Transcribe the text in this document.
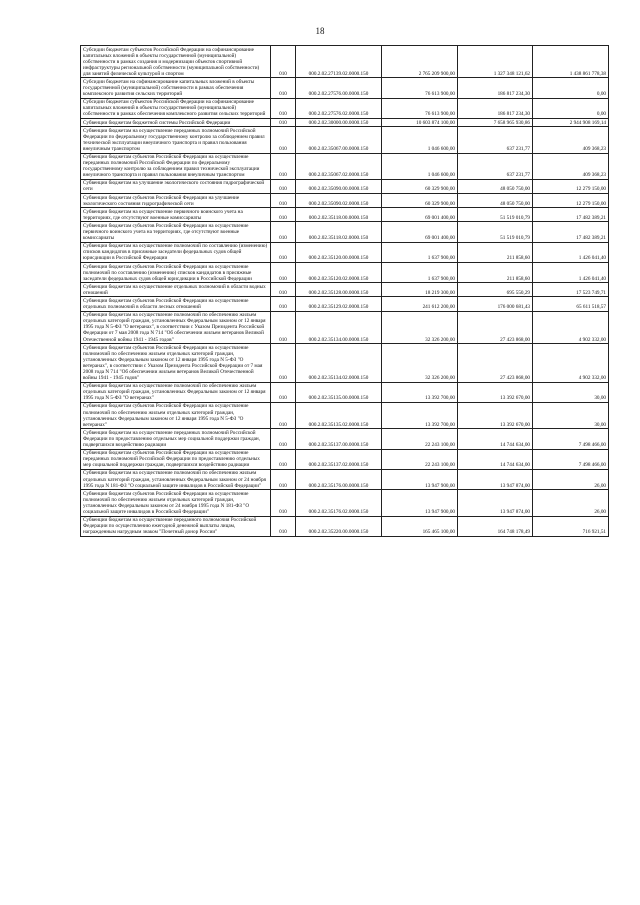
18
Субсидии бюджетам субъектов Российской Федерации на софинансирование капитальных вложений в объекты государственной (муниципальной) собственности в рамках создания и модернизации объектов спортивной инфраструктуры региональной собственности (муниципальной собственности) для занятий физической культурой и спортом	010	000.2.02.27139.02.0000.150	2 765 209 900,00	1 327 348 121,62	1 438 861 778,38
Субсидии бюджетам на софинансирование капитальных вложений в объекты государственной (муниципальной) собственности в рамках обеспечения комплексного развития сельских территорий	010	000.2.02.27576.00.0000.150	76 613 900,00	186 817 234,30	0,00
Субсидии бюджетам субъектов Российской Федерации на софинансирование капитальных вложений в объекты государственной (муниципальной) собственности в рамках обеспечения комплексного развития сельских территорий	010	000.2.02.27576.02.0000.150	76 613 900,00	186 817 234,30	0,00
Субвенции бюджетам бюджетной системы Российской Федерации	010	000.2.02.30000.00.0000.150	10 603 874 100,00	7 658 965 930,86	2 944 908 169,14
Субвенции бюджетам на осуществление переданных полномочий Российской Федерации по федеральному государственному контролю за соблюдением правил технической эксплуатации внеуличного транспорта и правил пользования внеуличным транспортом	010	000.2.02.35067.00.0000.150	1 046 600,00	637 231,77	409 368,23
Субвенции бюджетам субъектов Российской Федерации на осуществление переданных полномочий Российской Федерации по федеральному государственному контролю за соблюдением правил технической эксплуатации внеуличного транспорта и правил пользования внеуличным транспортом	010	000.2.02.35067.02.0000.150	1 046 600,00	637 231,77	409 368,23
Субвенции бюджетам на улучшение экологического состояния гидрографической сети	010	000.2.02.35090.00.0000.150	60 329 900,00	48 050 750,00	12 279 150,00
Субвенции бюджетам субъектов Российской Федерации на улучшение экологического состояния гидрографической сети	010	000.2.02.35090.02.0000.150	60 329 900,00	48 050 750,00	12 279 150,00
Субвенции бюджетам на осуществление первичного воинского учета на территориях, где отсутствуют военные комиссариаты	010	000.2.02.35118.00.0000.150	69 001 400,00	51 519 010,79	17 482 389,21
Субвенции бюджетам субъектов Российской Федерации на осуществление первичного воинского учета на территориях, где отсутствуют военные комиссариаты	010	000.2.02.35118.02.0000.150	69 001 400,00	51 519 010,79	17 482 389,21
Субвенции бюджетам на осуществление полномочий по составлению (изменению) списков кандидатов в присяжные заседатели федеральных судов общей юрисдикции в Российской Федерации	010	000.2.02.35120.00.0000.150	1 637 900,00	211 858,60	1 426 041,40
Субвенции бюджетам субъектов Российской Федерации на осуществление полномочий по составлению (изменению) списков кандидатов в присяжные заседатели федеральных судов общей юрисдикции в Российской Федерации	010	000.2.02.35120.02.0000.150	1 637 900,00	211 858,60	1 426 041,40
Субвенции бюджетам на осуществление отдельных полномочий в области водных отношений	010	000.2.02.35128.00.0000.150	18 219 300,00	695 550,29	17 523 749,71
Субвенции бюджетам субъектов Российской Федерации на осуществление отдельных полномочий в области лесных отношений	010	000.2.02.35129.02.0000.150	241 612 200,00	176 000 681,43	65 611 518,57
Субвенции бюджетам на осуществление полномочий по обеспечению жильем отдельных категорий граждан, установленных Федеральным законом от 12 января 1995 года N 5-ФЗ "О ветеранах", в соответствии с Указом Президента Российской Федерации от 7 мая 2008 года N 714 "Об обеспечении жильем ветеранов Великой Отечественной войны 1941 - 1945 годов"	010	000.2.02.35134.00.0000.150	32 326 200,00	27 423 868,00	4 902 332,00
Субвенции бюджетам субъектов Российской Федерации на осуществление полномочий по обеспечению жильем отдельных категорий граждан, установленных Федеральным законом от 12 января 1995 года N 5-ФЗ "О ветеранах", в соответствии с Указом Президента Российской Федерации от 7 мая 2008 года N 714 "Об обеспечении жильем ветеранов Великой Отечественной войны 1941 - 1945 годов"	010	000.2.02.35134.02.0000.150	32 326 200,00	27 423 868,00	4 902 332,00
Субвенции бюджетам на осуществление полномочий по обеспечению жильем отдельных категорий граждан, установленных Федеральным законом от 12 января 1995 года N 5-ФЗ "О ветеранах"	010	000.2.02.35135.00.0000.150	13 392 700,00	13 392 670,00	30,00
Субвенции бюджетам субъектов Российской Федерации на осуществление полномочий по обеспечению жильем отдельных категорий граждан, установленных Федеральным законом от 12 января 1995 года N 5-ФЗ "О ветеранах"	010	000.2.02.35135.02.0000.150	13 392 700,00	13 392 670,00	30,00
Субвенции бюджетам на осуществление переданных полномочий Российской Федерации по предоставлению отдельных мер социальной поддержки граждан, подвергшихся воздействию радиации	010	000.2.02.35137.00.0000.150	22 243 100,00	14 744 634,00	7 498 466,00
Субвенции бюджетам субъектов Российской Федерации на осуществление переданных полномочий Российской Федерации по предоставлению отдельных мер социальной поддержки граждан, подвергшихся воздействию радиации	010	000.2.02.35137.02.0000.150	22 243 100,00	14 744 634,00	7 498 466,00
Субвенции бюджетам на осуществление полномочий по обеспечению жильем отдельных категорий граждан, установленных Федеральным законом от 24 ноября 1995 года N 181-ФЗ "О социальной защите инвалидов в Российской Федерации"	010	000.2.02.35176.00.0000.150	13 947 900,00	13 947 874,00	26,00
Субвенции бюджетам субъектов Российской Федерации на осуществление полномочий по обеспечению жильем отдельных категорий граждан, установленных Федеральным законом от 24 ноября 1995 года N 181-ФЗ "О социальной защите инвалидов в Российской Федерации"	010	000.2.02.35176.02.0000.150	13 947 900,00	13 947 874,00	26,00
Субвенции бюджетам на осуществление переданного полномочия Российской Федерации по осуществлению ежегодной денежной выплаты лицам, награжденным нагрудным знаком "Почетный донор России"	010	000.2.02.35220.00.0000.150	165 465 100,00	164 748 178,49	716 921,51
